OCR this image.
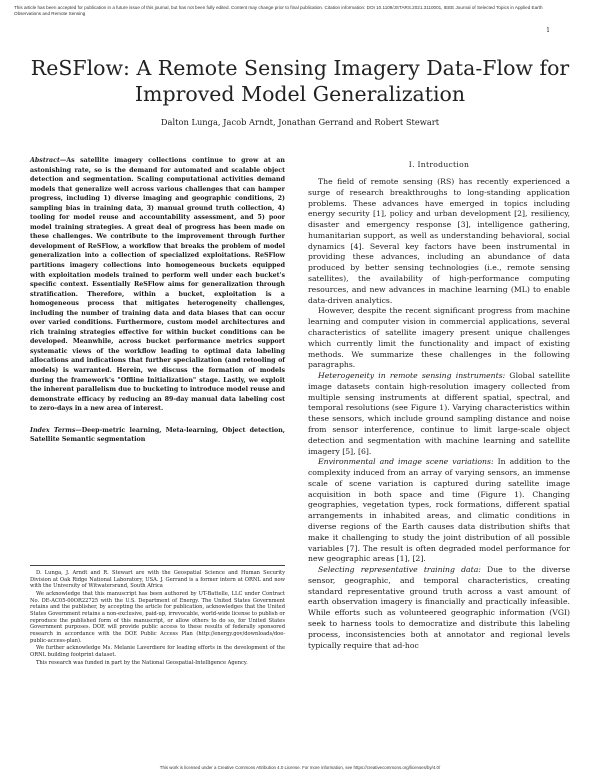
This article has been accepted for publication in a future issue of this journal, but has not been fully edited. Content may change prior to final publication. Citation information: DOI 10.1109/JSTARS.2021.3110001, IEEE Journal of Selected Topics in Applied Earth Observations and Remote Sensing
1
ReSFlow: A Remote Sensing Imagery Data-Flow for Improved Model Generalization
Dalton Lunga, Jacob Arndt, Jonathan Gerrand and Robert Stewart

Abstract—As satellite imagery collections continue to grow at an astonishing rate, so is the demand for automated and scalable object detection and segmentation. Scaling computational activities demand models that generalize well across various challenges that can hamper progress, including 1) diverse imaging and geographic conditions, 2) sampling bias in training data, 3) manual ground truth collection, 4) tooling for model reuse and accountability assessment, and 5) poor model training strategies. A great deal of progress has been made on these challenges. We contribute to the improvement through further development of ReSFlow, a workflow that breaks the problem of model generalization into a collection of specialized exploitations. ReSFlow partitions imagery collections into homogeneous buckets equipped with exploitation models trained to perform well under each bucket's specific context. Essentially ReSFlow aims for generalization through stratification. Therefore, within a bucket, exploitation is a homogeneous process that mitigates heterogeneity challenges, including the number of training data and data biases that can occur over varied conditions. Furthermore, custom model architectures and rich training strategies effective for within bucket conditions can be developed. Meanwhile, across bucket performance metrics support systematic views of the workflow leading to optimal data labeling allocations and indications that further specialization (and retooling of models) is warranted. Herein, we discuss the formation of models during the framework's "Offline Initialization" stage. Lastly, we exploit the inherent parallelism due to bucketing to introduce model reuse and demonstrate efficacy by reducing an 89-day manual data labeling cost to zero-days in a new area of interest.

Index Terms—Deep-metric learning, Meta-learning, Object detection, Satellite Semantic segmentation

D. Lunga, J. Arndt and R. Stewart are with the Geospatial Science and Human Security Division at Oak Ridge National Laboratory, USA. J. Gerrand is a former intern at ORNL and now with the University of Witwatersrand, South Africa

We acknowledge that this manuscript has been authored by UT-Battelle, LLC under Contract No. DE-AC05-00OR22725 with the U.S. Department of Energy. The United States Government retains and the publisher, by accepting the article for publication, acknowledges that the United States Government retains a non-exclusive, paid-up, irrevocable, world-wide license to publish or reproduce the published form of this manuscript, or allow others to do so, for United States Government purposes. DOE will provide public access to these results of federally sponsored research in accordance with the DOE Public Access Plan (http://energy.gov/downloads/doe-public-access-plan).

We further acknowledge Ms. Melanie Laverdiere for leading efforts in the development of the ORNL building footprint dataset.

This research was funded in part by the National Geospatial-Intelligence Agency.

I. Introduction

The field of remote sensing (RS) has recently experienced a surge of research breakthroughs to long-standing application problems. These advances have emerged in topics including energy security [1], policy and urban development [2], resiliency, disaster and emergency response [3], intelligence gathering, humanitarian support, as well as understanding behavioral, social dynamics [4]. Several key factors have been instrumental in providing these advances, including an abundance of data produced by better sensing technologies (i.e., remote sensing satellites), the availability of high-performance computing resources, and new advances in machine learning (ML) to enable data-driven analytics.

However, despite the recent significant progress from machine learning and computer vision in commercial applications, several characteristics of satellite imagery present unique challenges which currently limit the functionality and impact of existing methods. We summarize these challenges in the following paragraphs.

Heterogeneity in remote sensing instruments: Global satellite image datasets contain high-resolution imagery collected from multiple sensing instruments at different spatial, spectral, and temporal resolutions (see Figure 1). Varying characteristics within these sensors, which include ground sampling distance and noise from sensor interference, continue to limit large-scale object detection and segmentation with machine learning and satellite imagery [5], [6].

Environmental and image scene variations: In addition to the complexity induced from an array of varying sensors, an immense scale of scene variation is captured during satellite image acquisition in both space and time (Figure 1). Changing geographies, vegetation types, rock formations, different spatial arrangements in inhabited areas, and climatic conditions in diverse regions of the Earth causes data distribution shifts that make it challenging to study the joint distribution of all possible variables [7]. The result is often degraded model performance for new geographic areas [1], [2].

Selecting representative training data: Due to the diverse sensor, geographic, and temporal characteristics, creating standard representative ground truth across a vast amount of earth observation imagery is financially and practically infeasible. While efforts such as volunteered geographic information (VGI) seek to harness tools to democratize and distribute this labeling process, inconsistencies both at annotator and regional levels typically require that ad-hoc

This work is licensed under a Creative Commons Attribution 4.0 License. For more information, see https://creativecommons.org/licenses/by/4.0/
